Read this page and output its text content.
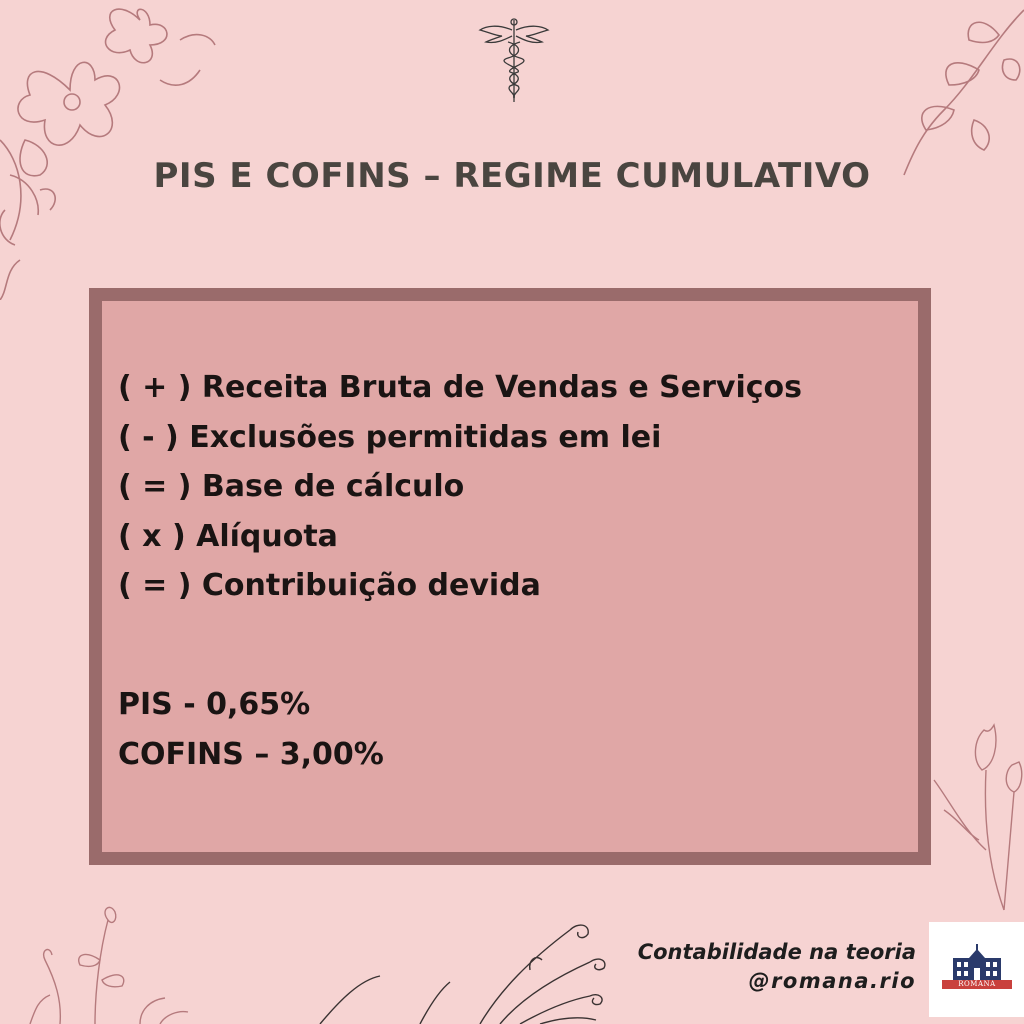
PIS E COFINS – REGIME CUMULATIVO
( + ) Receita Bruta de Vendas e Serviços
( - ) Exclusões permitidas em lei
( = ) Base de cálculo
( x ) Alíquota
( = ) Contribuição devida
PIS - 0,65%
COFINS – 3,00%
Contabilidade na teoria
@romana.rio	ROMANA
